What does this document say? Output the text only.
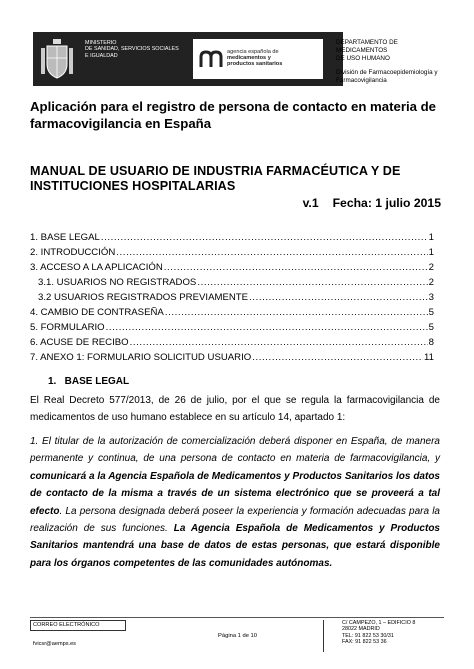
MINISTERIO
DE SANIDAD, SERVICIOS SOCIALES
E IGUALDAD
agencia española de
medicamentos y
productos sanitarios
DEPARTAMENTO DE
MEDICAMENTOS
DE USO HUMANO
División de Farmacoepidemiología y
Farmacovigilancia
Aplicación para el registro de persona de contacto en materia de farmacovigilancia en España
MANUAL DE USUARIO DE INDUSTRIA FARMACÉUTICA Y DE INSTITUCIONES HOSPITALARIAS
v.1 Fecha: 1 julio 2015
1. BASE LEGAL .....	1
2. INTRODUCCIÓN .....	1
3. ACCESO A LA APLICACIÓN .....	2
3.1. USUARIOS NO REGISTRADOS .....	2
3.2 USUARIOS REGISTRADOS PREVIAMENTE .....	3
4. CAMBIO DE CONTRASEÑA .....	5
5. FORMULARIO .....	5
6. ACUSE DE RECIBO .....	8
7. ANEXO 1: FORMULARIO SOLICITUD USUARIO .....	11
1.   BASE LEGAL
El Real Decreto 577/2013, de 26 de julio, por el que se regula la farmacovigilancia de medicamentos de uso humano establece en su artículo 14, apartado 1:
1. El titular de la autorización de comercialización deberá disponer en España, de manera permanente y continua, de una persona de contacto en materia de farmacovigilancia, y comunicará a la Agencia Española de Medicamentos y Productos Sanitarios los datos de contacto de la misma a través de un sistema electrónico que se proveerá a tal efecto. La persona designada deberá poseer la experiencia y formación adecuadas para la realización de sus funciones. La Agencia Española de Medicamentos y Productos Sanitarios mantendrá una base de datos de estas personas, que estará disponible para los órganos competentes de las comunidades autónomas.
CORREO ELECTRÓNICO
fvicsr@aemps.es
Página 1 de 10
C/ CAMPEZO, 1 – EDIFICIO 8
28022 MADRID
TEL: 91 822 53 30/31
FAX: 91 822 53 36
